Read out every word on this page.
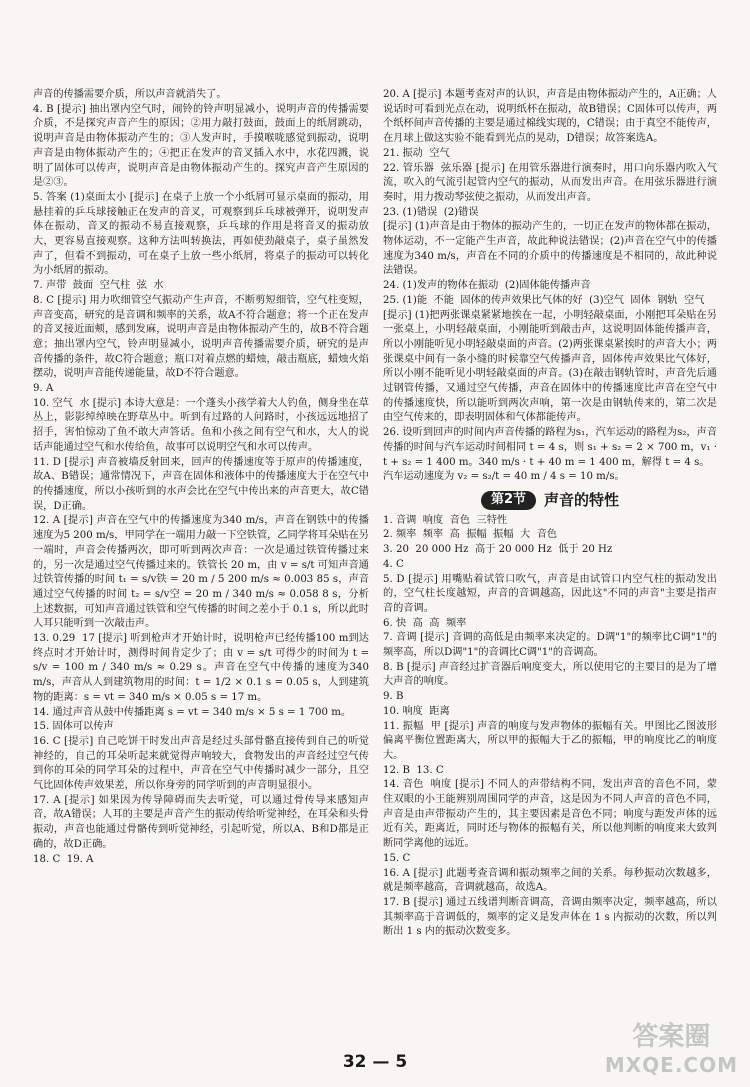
声音的传播需要介质，所以声音就消失了。

4. B [提示] 抽出罩内空气时，闹铃的铃声明显减小，说明声音的传播需要介质，不是探究声音产生的原因；②用力敲打鼓面，鼓面上的纸屑跳动，说明声音是由物体振动产生的；③人发声时，手摸喉咙感觉到振动，说明声音是由物体振动产生的；④把正在发声的音叉插入水中，水花四溅，说明了固体可以传声，说明声音是由物体振动产生的。探究声音产生原因的是②③。

5. 答案 (1)桌面太小 [提示] 在桌子上放一个小纸屑可显示桌面的振动，用悬挂着的乒乓球接触正在发声的音叉，可观察到乒乓球被弹开，说明发声体在振动，音叉的振动不易直接观察，乒乓球的作用是将音叉的振动放大，更容易直接观察。这种方法叫转换法，再如使劲敲桌子，桌子虽然发声了，但看不到振动，可在桌子上放一些小纸屑，将桌子的振动可以转化为小纸屑的振动。

7. 声带  鼓面  空气柱  弦  水

8. C [提示] 用力吹细管空气振动产生声音，不断剪短细管，空气柱变短，声音变高，研究的是音调和频率的关系，故A不符合题意；将一个正在发声的音叉接近面颊，感到发麻，说明声音是由物体振动产生的，故B不符合题意；抽出罩内空气，铃声明显减小，说明声音传播需要介质，研究的是声音传播的条件，故C符合题意；瓶口对着点燃的蜡烛，敲击瓶底，蜡烛火焰摆动，说明声音能传递能量，故D不符合题意。

9. A

10. 空气  水 [提示] 本诗大意是：一个蓬头小孩学着大人钓鱼，侧身坐在草丛上，影影绰绰映在野草丛中。听到有过路的人问路时，小孩远远地招了招手，害怕惊动了鱼不敢大声答话。鱼和小孩之间有空气和水，大人的说话声能通过空气和水传给鱼，故事可以说明空气和水可以传声。

11. D [提示] 声音被墙反射回来，回声的传播速度等于原声的传播速度，故A、B错误；通常情况下，声音在固体和液体中的传播速度大于在空气中的传播速度，所以小孩听到的水声会比在空气中传出来的声音更大，故C错误，D正确。

12. A [提示] 声音在空气中的传播速度为340 m/s，声音在钢铁中的传播速度为5 200 m/s，甲同学在一端用力敲一下空铁管，乙同学将耳朵贴在另一端时，声音会传播两次，即可听到两次声音：一次是通过铁管传播过来的，另一次是通过空气传播过来的。铁管长 20 m，由 v = s/t 可知声音通过铁管传播的时间 t₁ = s/v铁 = 20 m / 5 200 m/s ≈ 0.003 85 s，声音通过空气传播的时间 t₂ = s/v空 = 20 m / 340 m/s ≈ 0.058 8 s，分析上述数据，可知声音通过铁管和空气传播的时间之差小于 0.1 s，所以此时人耳只能听到一次敲击声。

13. 0.29  17 [提示] 听到枪声才开始计时，说明枪声已经传播100 m到达终点时才开始计时，测得时间肯定少了；由 v = s/t 可得少的时间为 t = s/v = 100 m / 340 m/s ≈ 0.29 s。声音在空气中传播的速度为340 m/s，声音从人到建筑物用的时间：t = 1/2 × 0.1 s = 0.05 s，人到建筑物的距离：s = vt = 340 m/s × 0.05 s = 17 m。

14. 通过声音从鼓中传播距离 s = vt = 340 m/s × 5 s = 1 700 m。

15. 固体可以传声

16. C [提示] 自己吃饼干时发出声音是经过头部骨骼直接传到自己的听觉神经的，自己的耳朵听起来就觉得声响较大，食物发出的声音经过空气传到你的耳朵的同学耳朵的过程中，声音在空气中传播时减少一部分，且空气比固体传声效果差，所以你身旁的同学听到的声音明显很小。

17. A [提示] 如果因为传导障碍而失去听觉，可以通过骨传导来感知声音，故A错误；人耳的主要是声音产生的振动传给听觉神经，在耳朵和头骨振动，声音也能通过骨骼传到听觉神经，引起听觉，所以A、B和D都是正确的，故D正确。

18. C  19. A

20. A [提示] 本题考查对声的认识，声音是由物体振动产生的，A正确；人说话时可看到光点在动，说明纸杯在振动，故B错误；C固体可以传声，两个纸杯间声音传播的主要是通过棉线实现的，C错误；由于真空不能传声，在月球上做这实验不能看到光点的晃动，D错误；故答案选A。

21. 振动  空气

22. 管乐器  弦乐器 [提示] 在用管乐器进行演奏时，用口向乐器内吹入气流，吹入的气流引起管内空气的振动，从而发出声音。在用弦乐器进行演奏时，用力拨动琴弦使之振动，从而发出声音。

23. (1)错误  (2)错误

[提示] (1)声音是由于物体的振动产生的，一切正在发声的物体都在振动，物体运动，不一定能产生声音，故此种说法错误；(2)声音在空气中的传播速度为340 m/s，声音在不同的介质中的传播速度是不相同的，故此种说法错误。

24. (1)发声的物体在振动  (2)固体能传播声音

25. (1)能  不能  固体的传声效果比气体的好  (3)空气  固体  钢轨  空气

[提示] (1)把两张课桌紧紧地挨在一起，小明轻敲桌面，小刚把耳朵贴在另一张桌上，小明轻敲桌面，小刚能听到敲击声，这说明固体能传播声音，所以小刚能听见小明轻敲桌面的声音。(2)两张课桌紧挨时的声音大小；两张课桌中间有一条小缝的时候靠空气传播声音，固体传声效果比气体好，所以小刚不能听见小明轻敲桌面的声音。(3)在敲击钢轨管时，声音先后通过钢管传播，又通过空气传播，声音在固体中的传播速度比声音在空气中的传播速度快，所以能听到两次声响，第一次是由钢轨传来的，第二次是由空气传来的，即表明固体和气体都能传声。

26. 设听到回声的时间内声音传播的路程为s₁，汽车运动的路程为s₂，声音传播的时间与汽车运动时间相同 t = 4 s，则 s₁ + s₂ = 2 × 700 m，v₁ · t + s₂ = 1 400 m。340 m/s · t + 40 m = 1 400 m，解得 t = 4 s。

汽车运动速度为 v₂ = s₂/t = 40 m / 4 s = 10 m/s。

第2节	声音的特性

1. 音调  响度  音色  三特性

2. 频率  频率  高  振幅  振幅  大  音色

3. 20  20 000 Hz  高于 20 000 Hz  低于 20 Hz

4. C

5. D [提示] 用嘴贴着试管口吹气，声音是由试管口内空气柱的振动发出的，空气柱长度越短，声音的音调越高，因此这"不同的声音"主要是指声音的音调。

6. 快  高  高  频率

7. 音调 [提示] 音调的高低是由频率来决定的。D调"1"的频率比C调"1"的频率高，所以D调"1"的音调比C调"1"的音调高。

8. B [提示] 声音经过扩音器后响度变大，所以使用它的主要目的是为了增大声音的响度。

9. B

10. 响度  距离

11. 振幅  甲 [提示] 声音的响度与发声物体的振幅有关。甲图比乙图波形偏离平衡位置距离大，所以甲的振幅大于乙的振幅，甲的响度比乙的响度大。

12. B  13. C

14. 音色  响度 [提示] 不同人的声带结构不同，发出声音的音色不同，蒙住双眼的小王能辨别周围同学的声音，这是因为不同人声音的音色不同，声音是由声带振动产生的，其主要因素是音色不同；响度与距发声体的远近有关，距离近，同时还与物体的振幅有关，所以他判断的响度来大致判断同学离他的远近。

15. C

16. A [提示] 此题考查音调和振动频率之间的关系。每秒振动次数越多，就是频率越高，音调就越高，故选A。

17. B [提示] 通过五线谱判断音调高，音调由频率决定，频率越高，所以其频率高于音调低的，频率的定义是发声体在 1 s 内振动的次数，所以判断出 1 s 内的振动次数变多。

32 — 5
答案圈
MXQE.COM
